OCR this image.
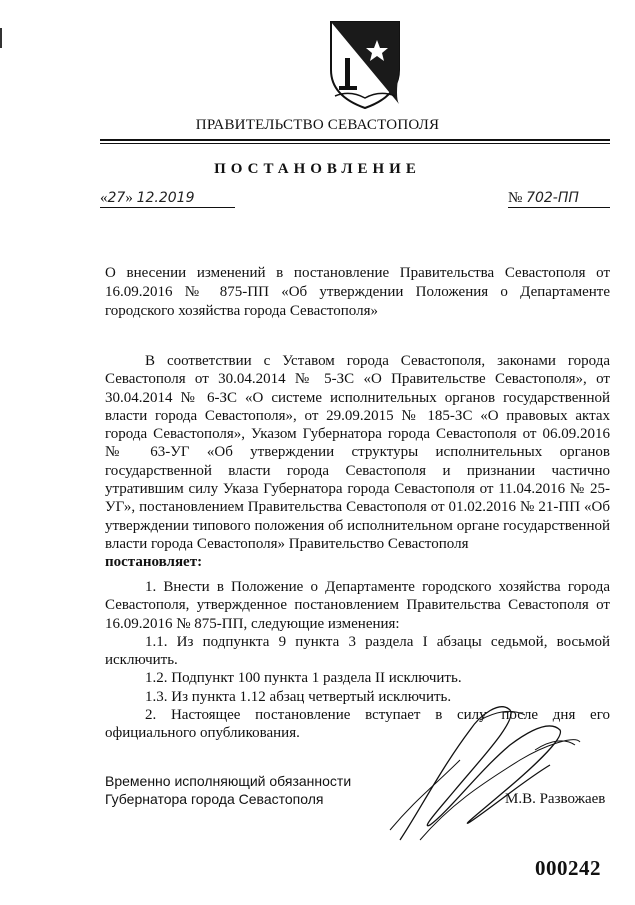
ПРАВИТЕЛЬСТВО СЕВАСТОПОЛЯ
ПОСТАНОВЛЕНИЕ
«27» 12.2019	№ 702-ПП
О внесении изменений в постановление Правительства Севастополя от 16.09.2016 № 875-ПП «Об утверждении Положения о Департаменте городского хозяйства города Севастополя»

В соответствии с Уставом города Севастополя, законами города Севастополя от 30.04.2014 № 5-ЗС «О Правительстве Севастополя», от 30.04.2014 № 6-ЗС «О системе исполнительных органов государственной власти города Севастополя», от 29.09.2015 № 185-ЗС «О правовых актах города Севастополя», Указом Губернатора города Севастополя от 06.09.2016 № 63-УГ «Об утверждении структуры исполнительных органов государственной власти города Севастополя и признании частично утратившим силу Указа Губернатора города Севастополя от 11.04.2016 № 25-УГ», постановлением Правительства Севастополя от 01.02.2016 № 21-ПП «Об утверждении типового положения об исполнительном органе государственной власти города Севастополя» Правительство Севастополя
постановляет:

1. Внести в Положение о Департаменте городского хозяйства города Севастополя, утвержденное постановлением Правительства Севастополя от 16.09.2016 № 875-ПП, следующие изменения:

1.1. Из подпункта 9 пункта 3 раздела I абзацы седьмой, восьмой исключить.

1.2. Подпункт 100 пункта 1 раздела II исключить.

1.3. Из пункта 1.12 абзац четвертый исключить.

2. Настоящее постановление вступает в силу после дня его официального опубликования.

Временно исполняющий обязанности
Губернатора города Севастополя	М.В. Развожаев
000242
